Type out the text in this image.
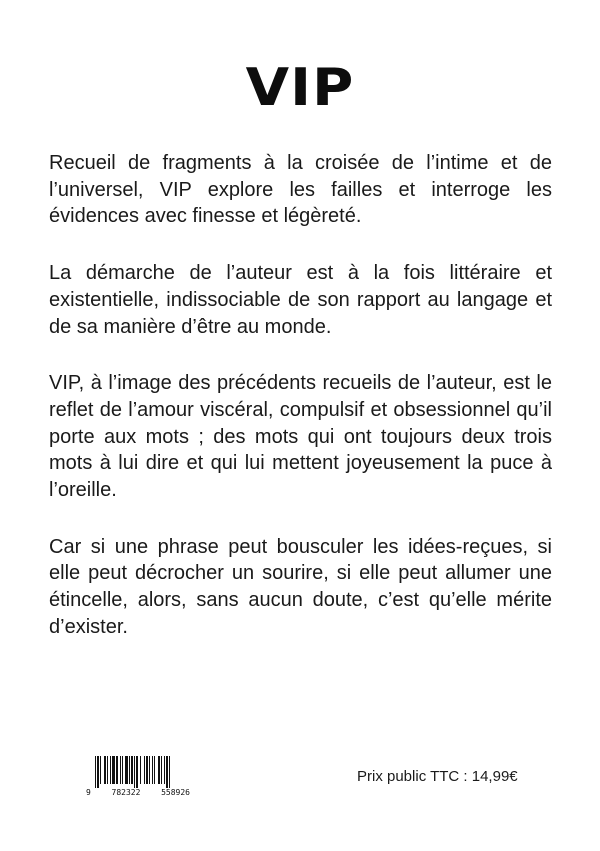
VIP

Recueil de fragments à la croisée de l’intime et de l’universel, VIP explore les failles et interroge les évidences avec finesse et légèreté.

La démarche de l’auteur est à la fois littéraire et existentielle, indissociable de son rapport au langage et de sa manière d’être au monde.

VIP, à l’image des précédents recueils de l’auteur, est le reflet de l’amour viscéral, compulsif et obsessionnel qu’il porte aux mots ; des mots qui ont toujours deux trois mots à lui dire et qui lui mettent joyeusement la puce à l’oreille.

Car si une phrase peut bousculer les idées-reçues, si elle peut décrocher un sourire, si elle peut allumer une étincelle, alors, sans aucun doute, c’est qu’elle mérite d’exister.

9	782322	558926
Prix public TTC : 14,99€
